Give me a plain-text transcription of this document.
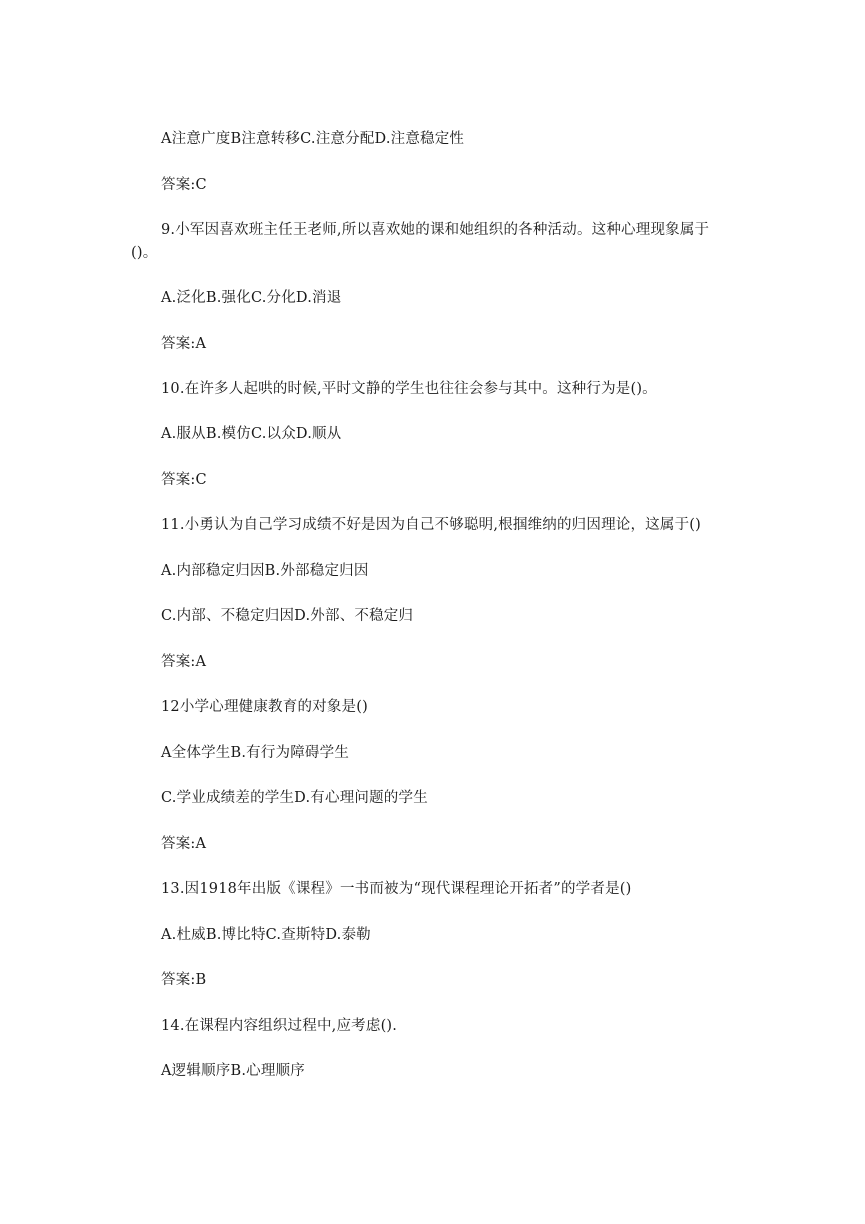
A注意广度B注意转移C.注意分配D.注意稳定性
答案:C
9.小军因喜欢班主任王老师,所以喜欢她的课和她组织的各种活动。这种心理现象属于
()。
A.泛化B.强化C.分化D.消退
答案:A
10.在许多人起哄的时候,平时文静的学生也往往会参与其中。这种行为是()。
A.服从B.模仿C.以众D.顺从
答案:C
11.小勇认为自己学习成绩不好是因为自己不够聪明,根掴维纳的归因理论，这属于()
A.内部稳定归因B.外部稳定归因
C.内部、不稳定归因D.外部、不稳定归
答案:A
12小学心理健康教育的对象是()
A全体学生B.有行为障碍学生
C.学业成绩差的学生D.有心理问题的学生
答案:A
13.因1918年出版《课程》一书而被为“现代课程理论开拓者”的学者是()
A.杜威B.博比特C.查斯特D.泰勒
答案:B
14.在课程内容组织过程中,应考虑().
A逻辑顺序B.心理顺序
